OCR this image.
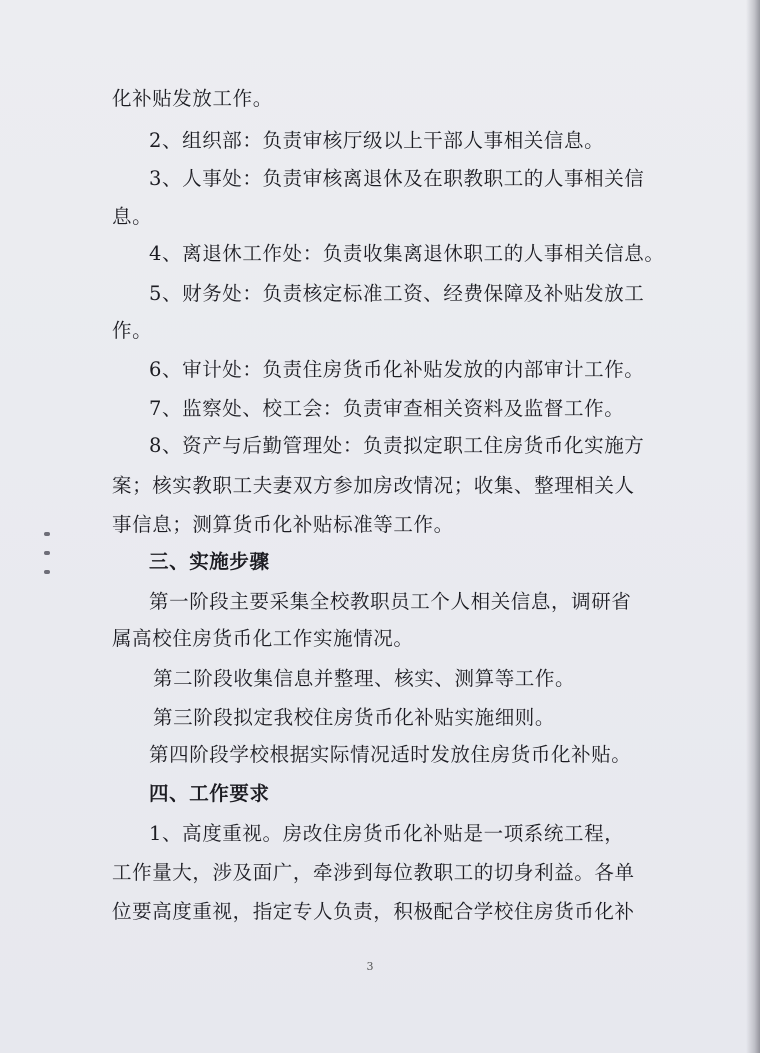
化补贴发放工作。
2、组织部：负责审核厅级以上干部人事相关信息。
3、人事处：负责审核离退休及在职教职工的人事相关信
息。
4、离退休工作处：负责收集离退休职工的人事相关信息。
5、财务处：负责核定标准工资、经费保障及补贴发放工
作。
6、审计处：负责住房货币化补贴发放的内部审计工作。
7、监察处、校工会：负责审查相关资料及监督工作。
8、资产与后勤管理处：负责拟定职工住房货币化实施方
案；核实教职工夫妻双方参加房改情况；收集、整理相关人
事信息；测算货币化补贴标准等工作。
三、实施步骤
第一阶段主要采集全校教职员工个人相关信息，调研省
属高校住房货币化工作实施情况。
第二阶段收集信息并整理、核实、测算等工作。
第三阶段拟定我校住房货币化补贴实施细则。
第四阶段学校根据实际情况适时发放住房货币化补贴。
四、工作要求
1、高度重视。房改住房货币化补贴是一项系统工程，
工作量大，涉及面广，牵涉到每位教职工的切身利益。各单
位要高度重视，指定专人负责，积极配合学校住房货币化补
3
